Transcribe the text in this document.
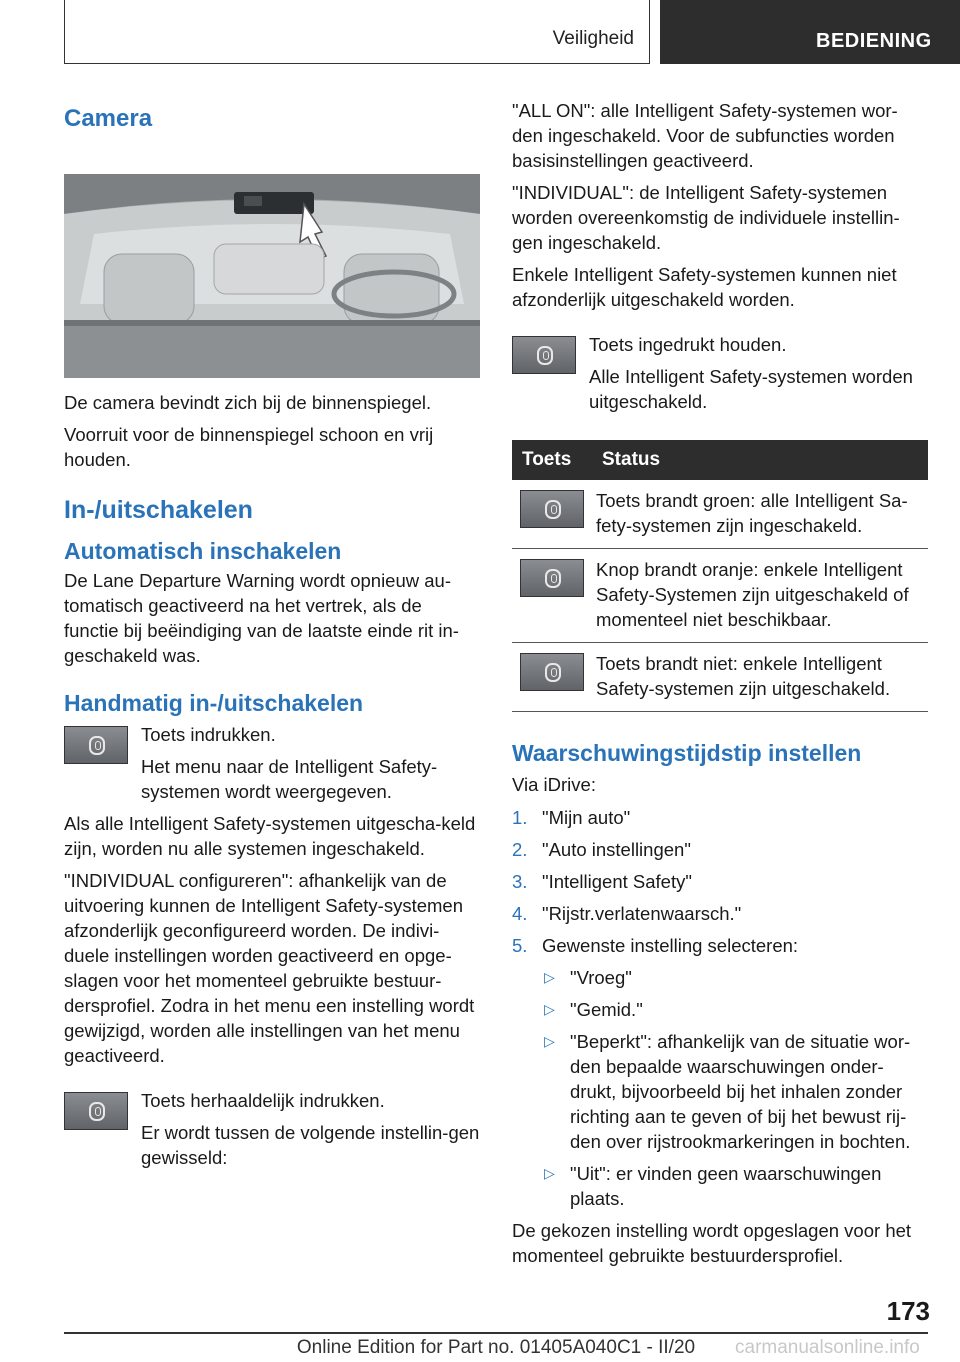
Veiligheid	BEDIENING
Camera

De camera bevindt zich bij de binnenspiegel.

Voorruit voor de binnenspiegel schoon en vrij houden.

In-/uitschakelen
Automatisch inschakelen

De Lane Departure Warning wordt opnieuw au-tomatisch geactiveerd na het vertrek, als de functie bij beëindiging van de laatste einde rit in-geschakeld was.

Handmatig in-/uitschakelen

Toets indrukken.

Het menu naar de Intelligent Safety-systemen wordt weergegeven.

Als alle Intelligent Safety-systemen uitgescha-keld zijn, worden nu alle systemen ingeschakeld.

"INDIVIDUAL configureren": afhankelijk van de uitvoering kunnen de Intelligent Safety-systemen afzonderlijk geconfigureerd worden. De indivi-duele instellingen worden geactiveerd en opge-slagen voor het momenteel gebruikte bestuur-dersprofiel. Zodra in het menu een instelling wordt gewijzigd, worden alle instellingen van het menu geactiveerd.

Toets herhaaldelijk indrukken.

Er wordt tussen de volgende instellin-gen gewisseld:

"ALL ON": alle Intelligent Safety-systemen wor-den ingeschakeld. Voor de subfuncties worden basisinstellingen geactiveerd.

"INDIVIDUAL": de Intelligent Safety-systemen worden overeenkomstig de individuele instellin-gen ingeschakeld.

Enkele Intelligent Safety-systemen kunnen niet afzonderlijk uitgeschakeld worden.

Toets ingedrukt houden.

Alle Intelligent Safety-systemen worden uitgeschakeld.

Toets	Status

	Toets brandt groen: alle Intelligent Sa-fety-systemen zijn ingeschakeld.

	Knop brandt oranje: enkele Intelligent Safety-Systemen zijn uitgeschakeld of momenteel niet beschikbaar.

	Toets brandt niet: enkele Intelligent Safety-systemen zijn uitgeschakeld.
Waarschuwingstijdstip instellen

Via iDrive:

1. "Mijn auto"
2. "Auto instellingen"
3. "Intelligent Safety"
4. "Rijstr.verlatenwaarsch."
5. Gewenste instelling selecteren:
▷ "Vroeg"
▷ "Gemid."
▷ "Beperkt": afhankelijk van de situatie wor-den bepaalde waarschuwingen onder-drukt, bijvoorbeeld bij het inhalen zonder richting aan te geven of bij het bewust rij-den over rijstrookmarkeringen in bochten.
▷ "Uit": er vinden geen waarschuwingen plaats.

De gekozen instelling wordt opgeslagen voor het momenteel gebruikte bestuurdersprofiel.

173
Online Edition for Part no. 01405A040C1 - II/20	carmanualsonline.info
